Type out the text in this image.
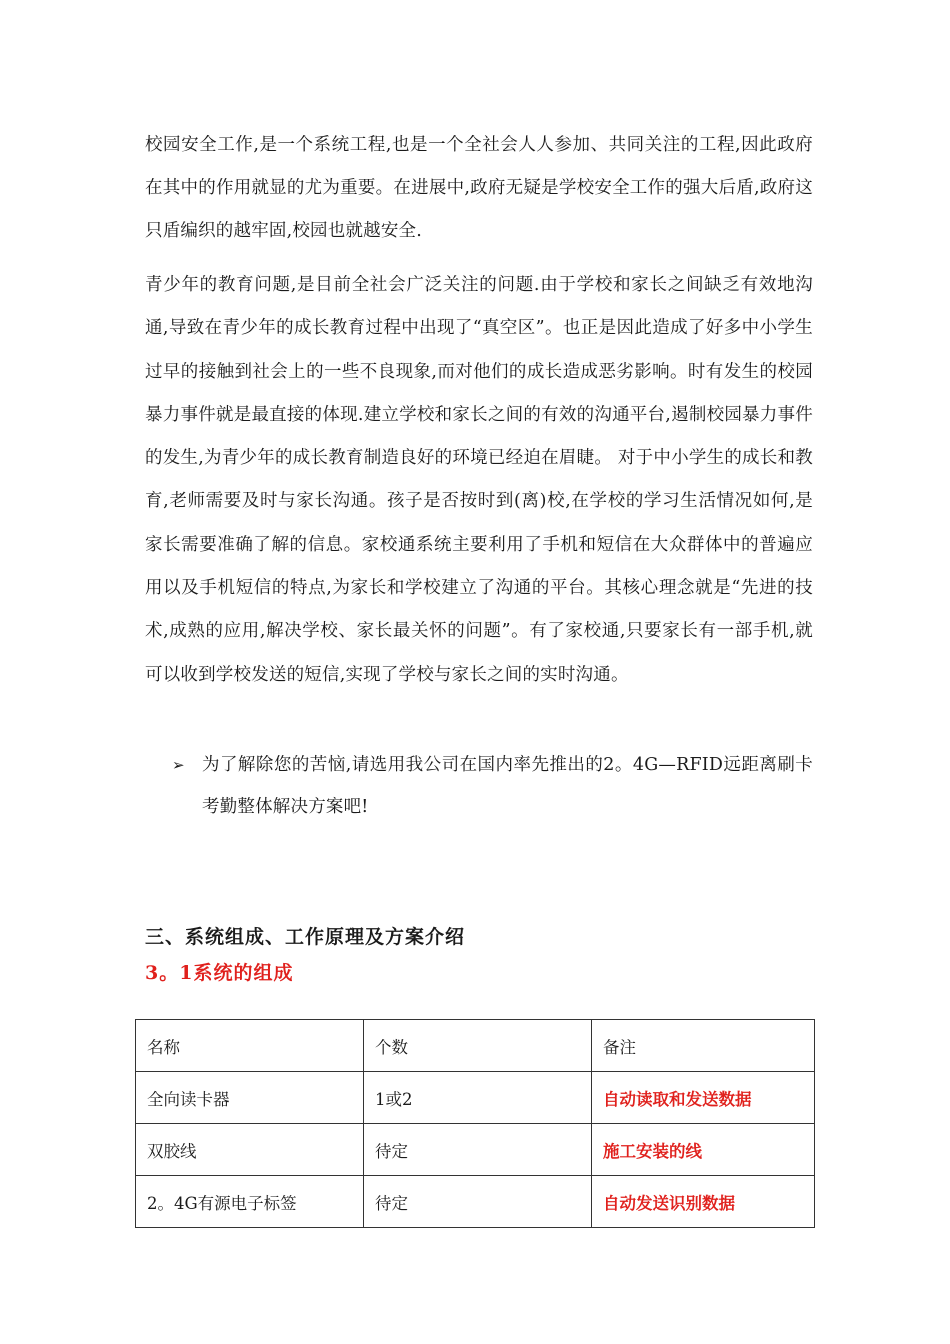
校园安全工作,是一个系统工程,也是一个全社会人人参加、共同关注的工程,因此政府在其中的作用就显的尤为重要。在进展中,政府无疑是学校安全工作的强大后盾,政府这只盾编织的越牢固,校园也就越安全.
青少年的教育问题,是目前全社会广泛关注的问题.由于学校和家长之间缺乏有效地沟通,导致在青少年的成长教育过程中出现了“真空区”。也正是因此造成了好多中小学生过早的接触到社会上的一些不良现象,而对他们的成长造成恶劣影响。时有发生的校园暴力事件就是最直接的体现.建立学校和家长之间的有效的沟通平台,遏制校园暴力事件的发生,为青少年的成长教育制造良好的环境已经迫在眉睫。 对于中小学生的成长和教育,老师需要及时与家长沟通。孩子是否按时到(离)校,在学校的学习生活情况如何,是家长需要准确了解的信息。家校通系统主要利用了手机和短信在大众群体中的普遍应用以及手机短信的特点,为家长和学校建立了沟通的平台。其核心理念就是“先进的技术,成熟的应用,解决学校、家长最关怀的问题”。有了家校通,只要家长有一部手机,就可以收到学校发送的短信,实现了学校与家长之间的实时沟通。
➢ 为了解除您的苦恼,请选用我公司在国内率先推出的2。4G—RFID远距离刷卡考勤整体解决方案吧!
三、系统组成、工作原理及方案介绍
3。1系统的组成
名称	个数	备注
全向读卡器	1或2	自动读取和发送数据
双胶线	待定	施工安装的线
2。4G有源电子标签	待定	自动发送识别数据
